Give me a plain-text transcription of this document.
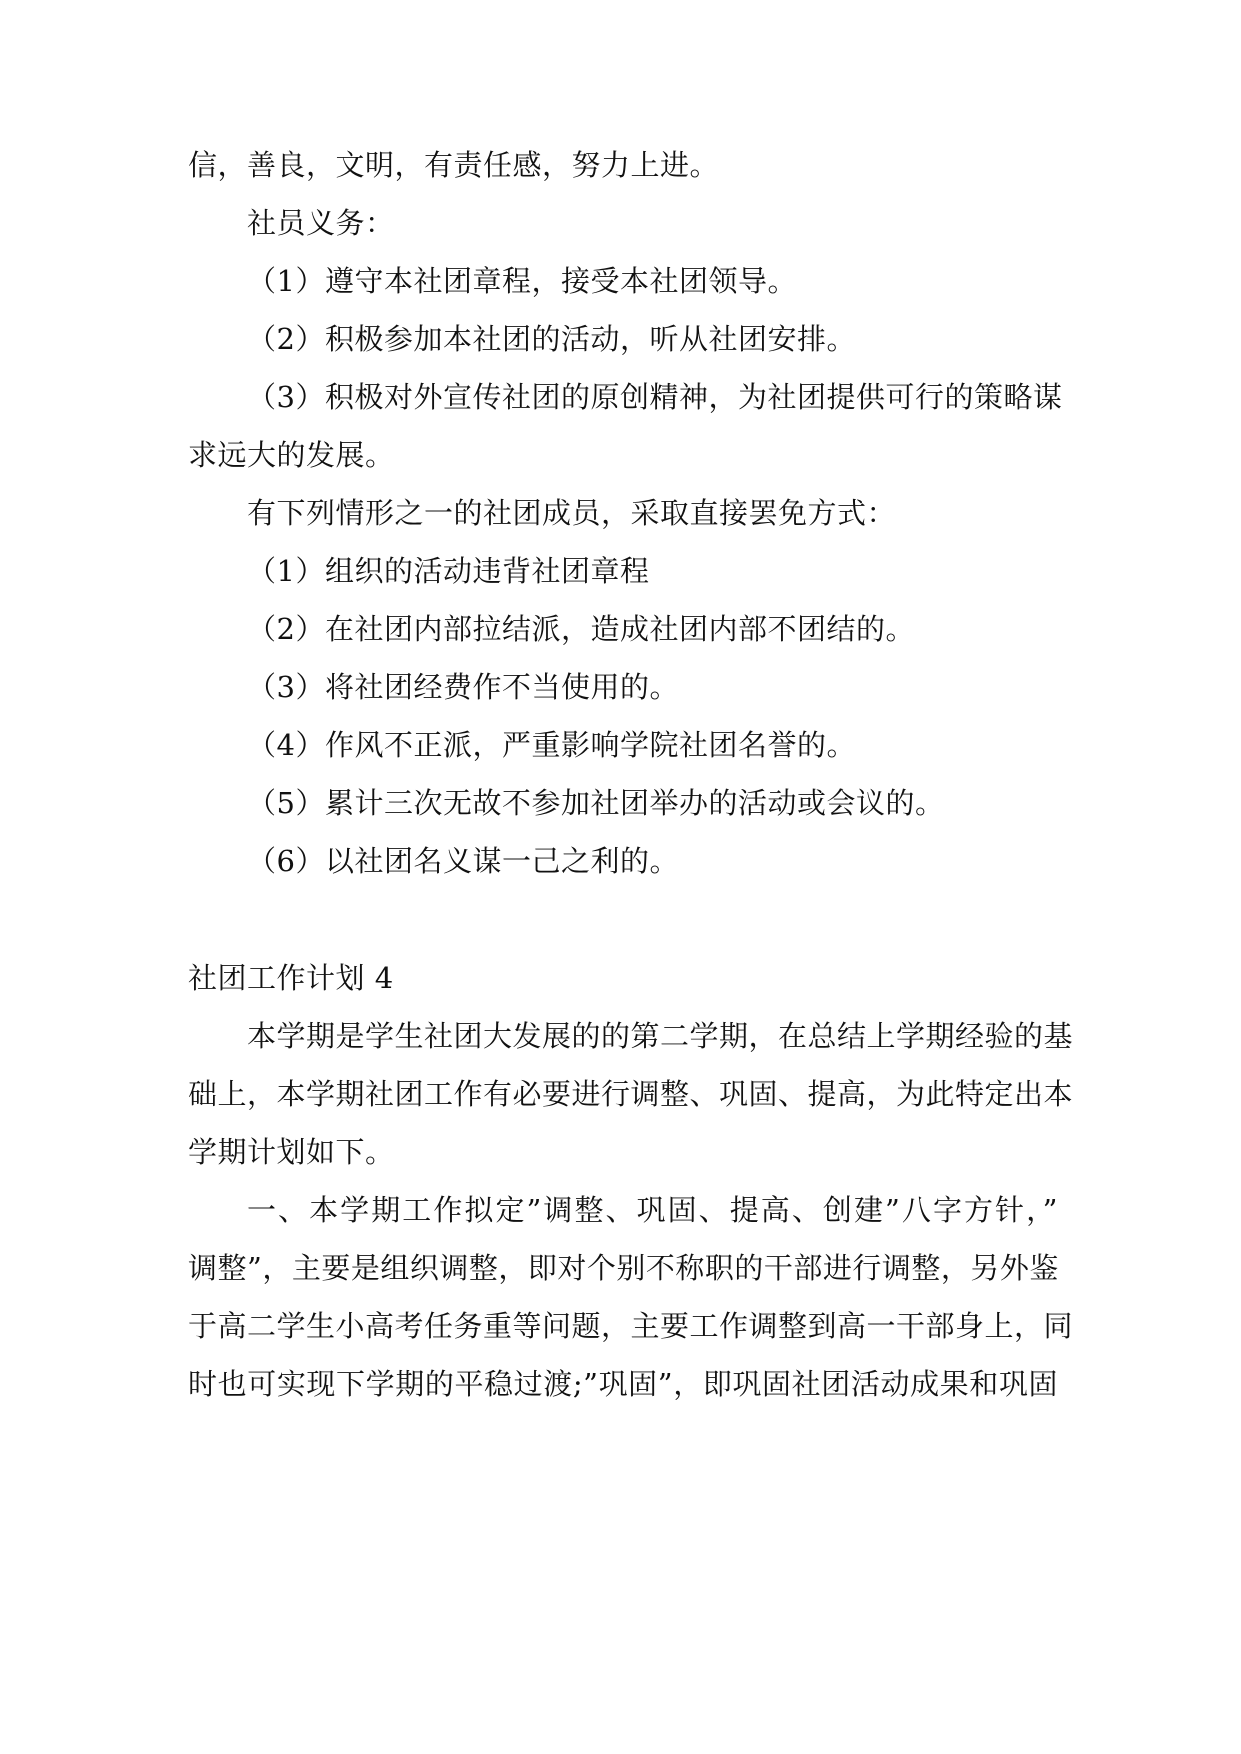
信，善良，文明，有责任感，努力上进。
社员义务：
（1）遵守本社团章程，接受本社团领导。
（2）积极参加本社团的活动，听从社团安排。
（3）积极对外宣传社团的原创精神，为社团提供可行的策略谋
求远大的发展。
有下列情形之一的社团成员，采取直接罢免方式：
（1）组织的活动违背社团章程
（2）在社团内部拉结派，造成社团内部不团结的。
（3）将社团经费作不当使用的。
（4）作风不正派，严重影响学院社团名誉的。
（5）累计三次无故不参加社团举办的活动或会议的。
（6）以社团名义谋一己之利的。
社团工作计划 4
本学期是学生社团大发展的的第二学期，在总结上学期经验的基
础上，本学期社团工作有必要进行调整、巩固、提高，为此特定出本
学期计划如下。
一、本学期工作拟定”调整、巩固、提高、创建”八字方针，”
调整”，主要是组织调整，即对个别不称职的干部进行调整，另外鉴
于高二学生小高考任务重等问题，主要工作调整到高一干部身上，同
时也可实现下学期的平稳过渡;”巩固”，即巩固社团活动成果和巩固
